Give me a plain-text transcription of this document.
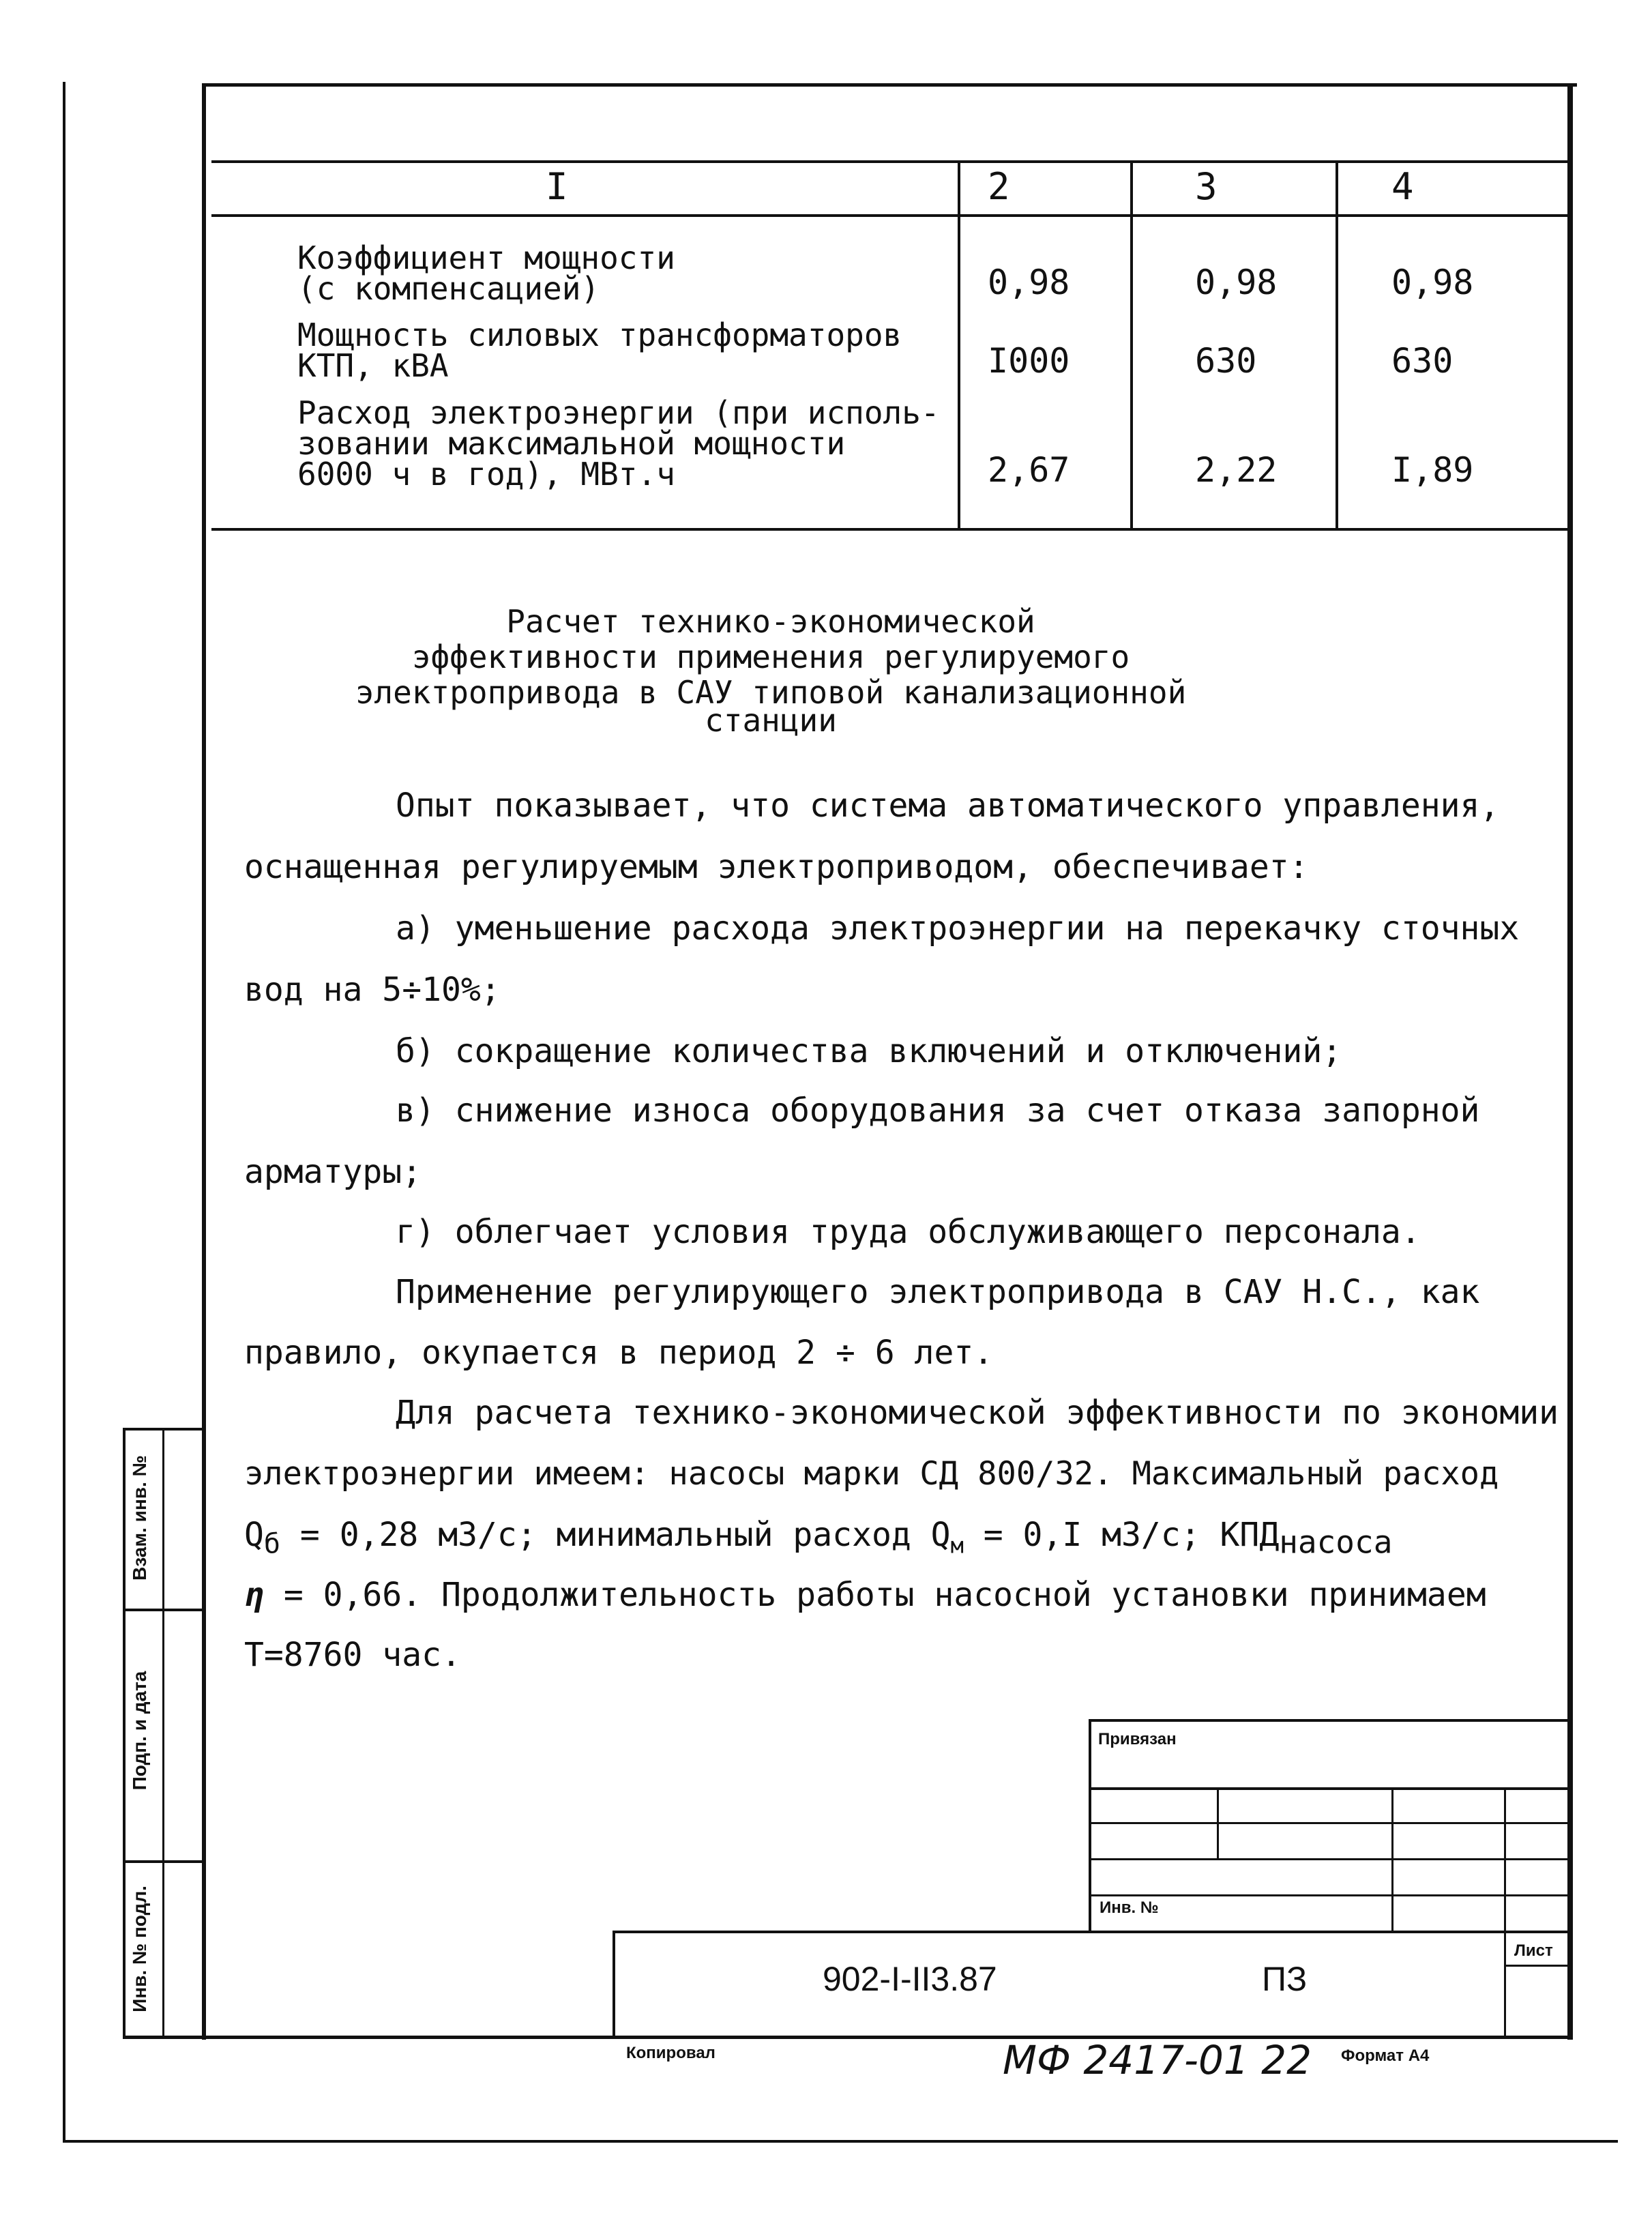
I	2	3	4
Коэффициент мощности
(с компенсацией)	0,98	0,98	0,98
Мощность силовых трансформаторов
КТП, кВА	I000	630	630
Расход электроэнергии (при исполь-
зовании максимальной мощности
6000 ч в год), МВт.ч	2,67	2,22	I,89
Расчет технико-экономической
эффективности применения регулируемого
электропривода в САУ типовой канализационной
станции
Опыт показывает, что система автоматического управления,
оснащенная регулируемым электроприводом, обеспечивает:
а) уменьшение расхода электроэнергии на перекачку сточных
вод на 5÷10%;
б) сокращение количества включений и отключений;
в) снижение износа оборудования за счет отказа запорной
арматуры;
г) облегчает условия труда обслуживающего персонала.
Применение регулирующего электропривода в САУ Н.С., как
правило, окупается в период 2 ÷ 6 лет.
Для расчета технико-экономической эффективности по экономии
электроэнергии имеем: насосы марки СД 800/32. Максимальный расход
$Q_б = 0,28$ м3/с; минимальный расход $Q_м = 0,I$ м3/с; $КПД_{насоса}$
η = 0,66. Продолжительность работы насосной установки принимаем
Т=8760 час.
Взам. инв. №
Подп. и дата
Инв. № подл.
Привязан
Инв. №
902-I-II3.87	ПЗ
Лист
Копировал	МФ 2417-01 22 Формат А4
